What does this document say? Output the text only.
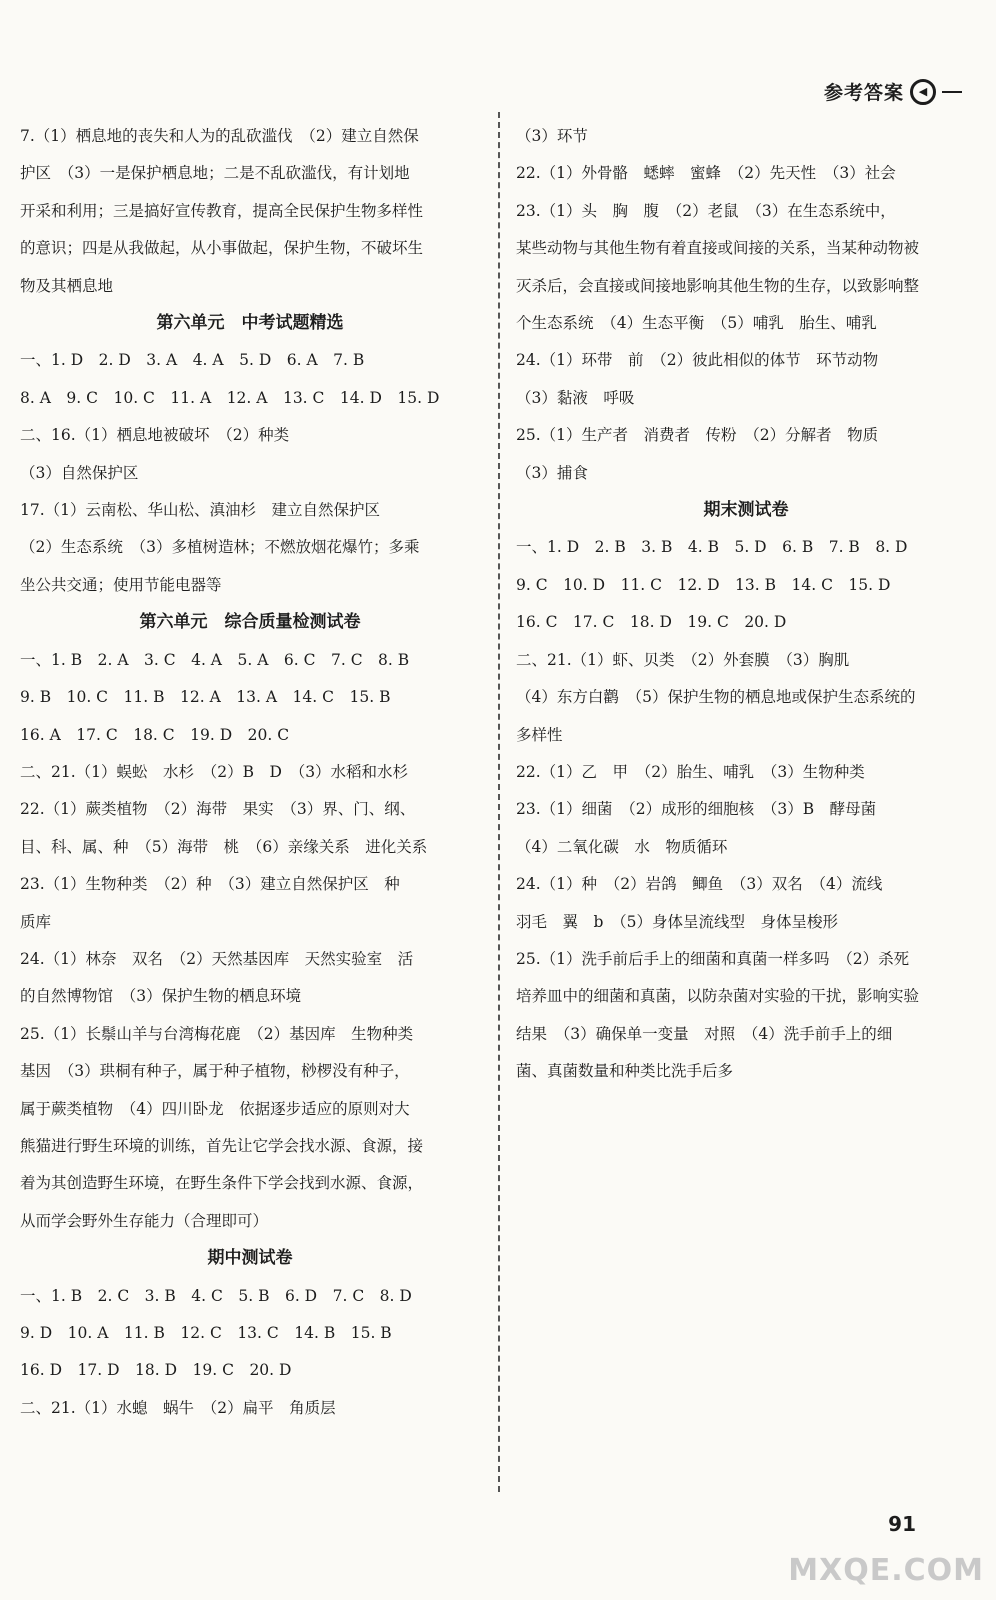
参考答案	◀
7.（1）栖息地的丧失和人为的乱砍滥伐　（2）建立自然保
护区　（3）一是保护栖息地；二是不乱砍滥伐，有计划地
开采和利用；三是搞好宣传教育，提高全民保护生物多样性
的意识；四是从我做起，从小事做起，保护生物，不破坏生
物及其栖息地
第六单元　中考试题精选
一、1. D　2. D　3. A　4. A　5. D　6. A　7. B
8. A　9. C　10. C　11. A　12. A　13. C　14. D　15. D
二、16.（1）栖息地被破坏　（2）种类
（3）自然保护区
17.（1）云南松、华山松、滇油杉　建立自然保护区
（2）生态系统　（3）多植树造林；不燃放烟花爆竹；多乘
坐公共交通；使用节能电器等
第六单元　综合质量检测试卷
一、1. B　2. A　3. C　4. A　5. A　6. C　7. C　8. B
9. B　10. C　11. B　12. A　13. A　14. C　15. B
16. A　17. C　18. C　19. D　20. C
二、21.（1）蜈蚣　水杉　（2）B　D　（3）水稻和水杉
22.（1）蕨类植物　（2）海带　果实　（3）界、门、纲、
目、科、属、种　（5）海带　桃　（6）亲缘关系　进化关系
23.（1）生物种类　（2）种　（3）建立自然保护区　种
质库
24.（1）林奈　双名　（2）天然基因库　天然实验室　活
的自然博物馆　（3）保护生物的栖息环境
25.（1）长鬃山羊与台湾梅花鹿　（2）基因库　生物种类
基因　（3）珙桐有种子，属于种子植物，桫椤没有种子，
属于蕨类植物　（4）四川卧龙　依据逐步适应的原则对大
熊猫进行野生环境的训练，首先让它学会找水源、食源，接
着为其创造野生环境，在野生条件下学会找到水源、食源，
从而学会野外生存能力（合理即可）
期中测试卷
一、1. B　2. C　3. B　4. C　5. B　6. D　7. C　8. D
9. D　10. A　11. B　12. C　13. C　14. B　15. B
16. D　17. D　18. D　19. C　20. D
二、21.（1）水螅　蜗牛　（2）扁平　角质层
（3）环节
22.（1）外骨骼　蟋蟀　蜜蜂　（2）先天性　（3）社会
23.（1）头　胸　腹　（2）老鼠　（3）在生态系统中，
某些动物与其他生物有着直接或间接的关系，当某种动物被
灭杀后，会直接或间接地影响其他生物的生存，以致影响整
个生态系统　（4）生态平衡　（5）哺乳　胎生、哺乳
24.（1）环带　前　（2）彼此相似的体节　环节动物
（3）黏液　呼吸
25.（1）生产者　消费者　传粉　（2）分解者　物质
（3）捕食
期末测试卷
一、1. D　2. B　3. B　4. B　5. D　6. B　7. B　8. D
9. C　10. D　11. C　12. D　13. B　14. C　15. D
16. C　17. C　18. D　19. C　20. D
二、21.（1）虾、贝类　（2）外套膜　（3）胸肌
（4）东方白鹳　（5）保护生物的栖息地或保护生态系统的
多样性
22.（1）乙　甲　（2）胎生、哺乳　（3）生物种类
23.（1）细菌　（2）成形的细胞核　（3）B　酵母菌
（4）二氧化碳　水　物质循环
24.（1）种　（2）岩鸽　鲫鱼　（3）双名　（4）流线
羽毛　翼　b　（5）身体呈流线型　身体呈梭形
25.（1）洗手前后手上的细菌和真菌一样多吗　（2）杀死
培养皿中的细菌和真菌，以防杂菌对实验的干扰，影响实验
结果　（3）确保单一变量　对照　（4）洗手前手上的细
菌、真菌数量和种类比洗手后多
91
MXQE.COM
